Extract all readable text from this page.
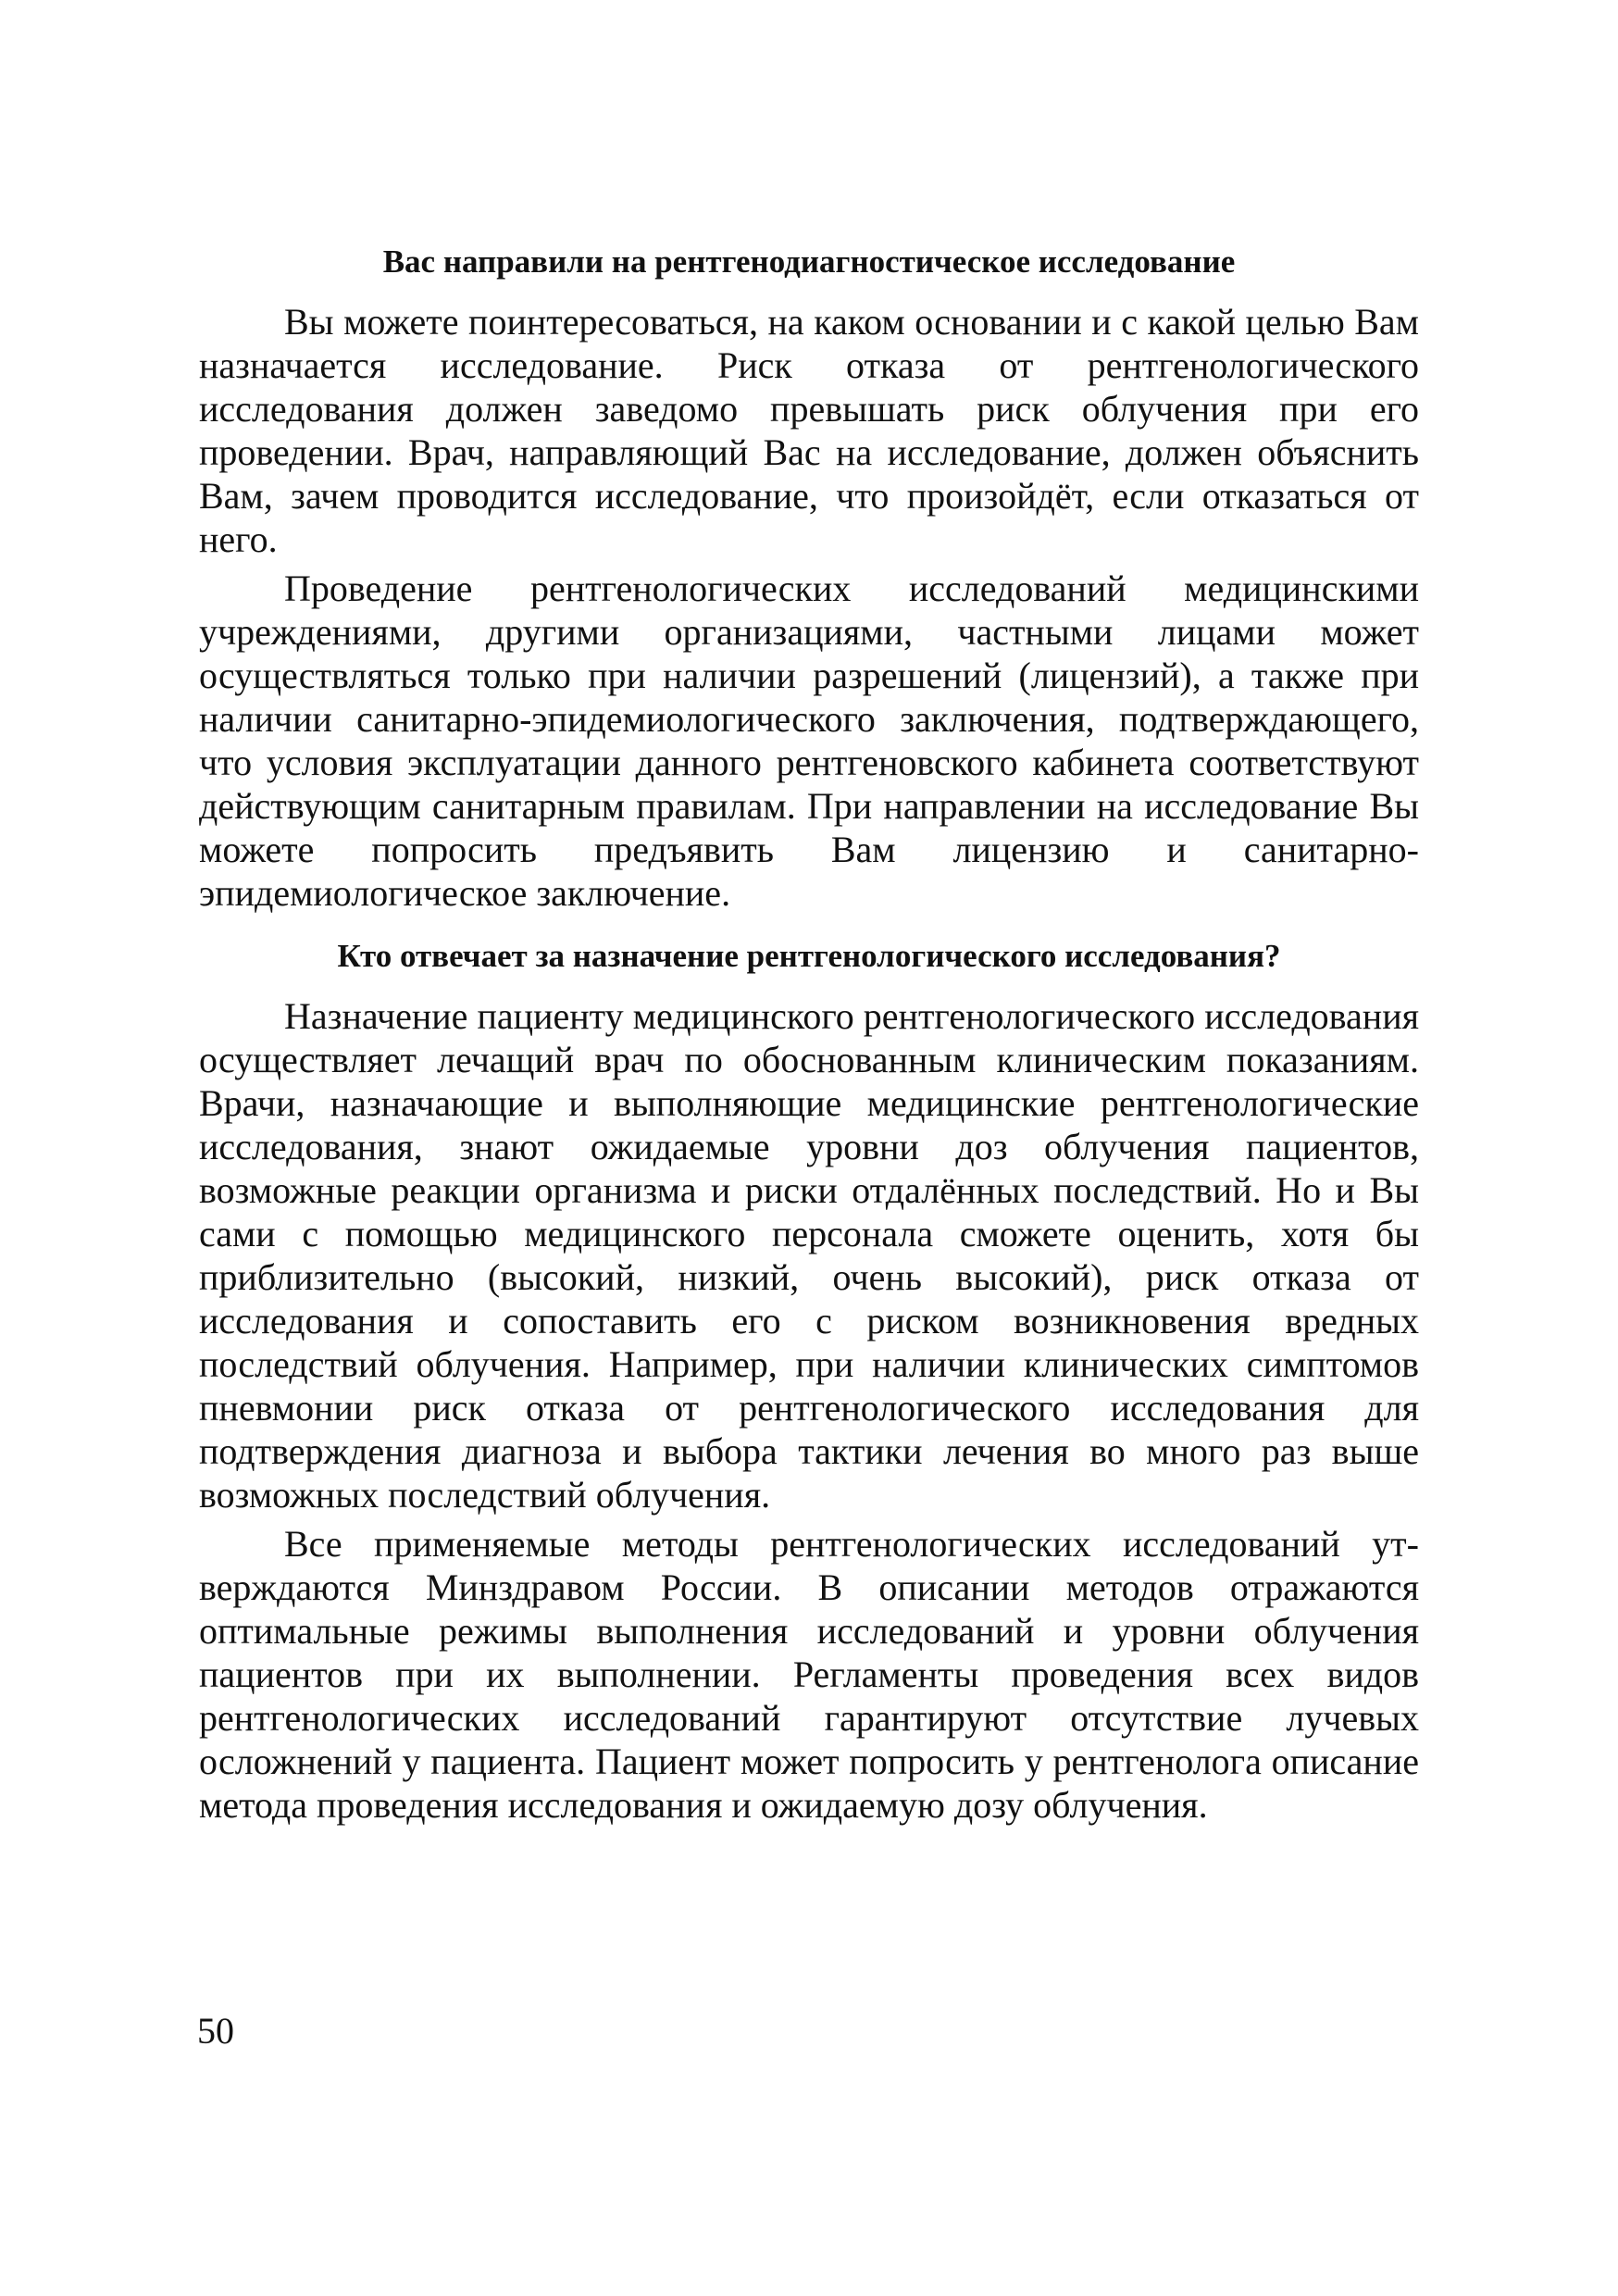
Вас направили на рентгенодиагностическое исследование

Вы можете поинтересоваться, на каком основании и с какой целью Вам назначается исследование. Риск отказа от рентгенологического исследования должен заведомо превышать риск облучения при его проведении. Врач, направляющий Вас на исследование, должен объяснить Вам, зачем проводится исследование, что произойдёт, если отказаться от него.

Проведение рентгенологических исследований медицинскими учреждениями, другими организациями, частными лицами может осуществляться только при наличии разрешений (лицензий), а также при наличии санитарно-эпидемиологического заключения, подтверждающего, что условия эксплуатации данного рентгеновского кабинета соответствуют действующим санитарным правилам. При направлении на исследование Вы можете попросить предъявить Вам лицензию и санитарно-эпидемиологическое заключение.

Кто отвечает за назначение рентгенологического исследования?

Назначение пациенту медицинского рентгенологического исследования осуществляет лечащий врач по обоснованным клиническим показаниям. Врачи, назначающие и выполняющие медицинские рентгенологические исследования, знают ожидаемые уровни доз облучения пациентов, возможные реакции организма и риски отдалённых последствий. Но и Вы сами с помощью медицинского персонала сможете оценить, хотя бы приблизительно (высокий, низкий, очень высокий), риск отказа от исследования и сопоставить его с риском возникновения вредных последствий облучения. Например, при наличии клинических симптомов пневмонии риск отказа от рентгенологического исследования для подтверждения диагноза и выбора тактики лечения во много раз выше возможных последствий облучения.

Все применяемые методы рентгенологических исследований утверждаются Минздравом России. В описании методов отражаются оптимальные режимы выполнения исследований и уровни облучения пациентов при их выполнении. Регламенты проведения всех видов рентгенологических исследований гарантируют отсутствие лучевых осложнений у пациента. Пациент может попросить у рентгенолога описание метода проведения исследования и ожидаемую дозу облучения.

50
